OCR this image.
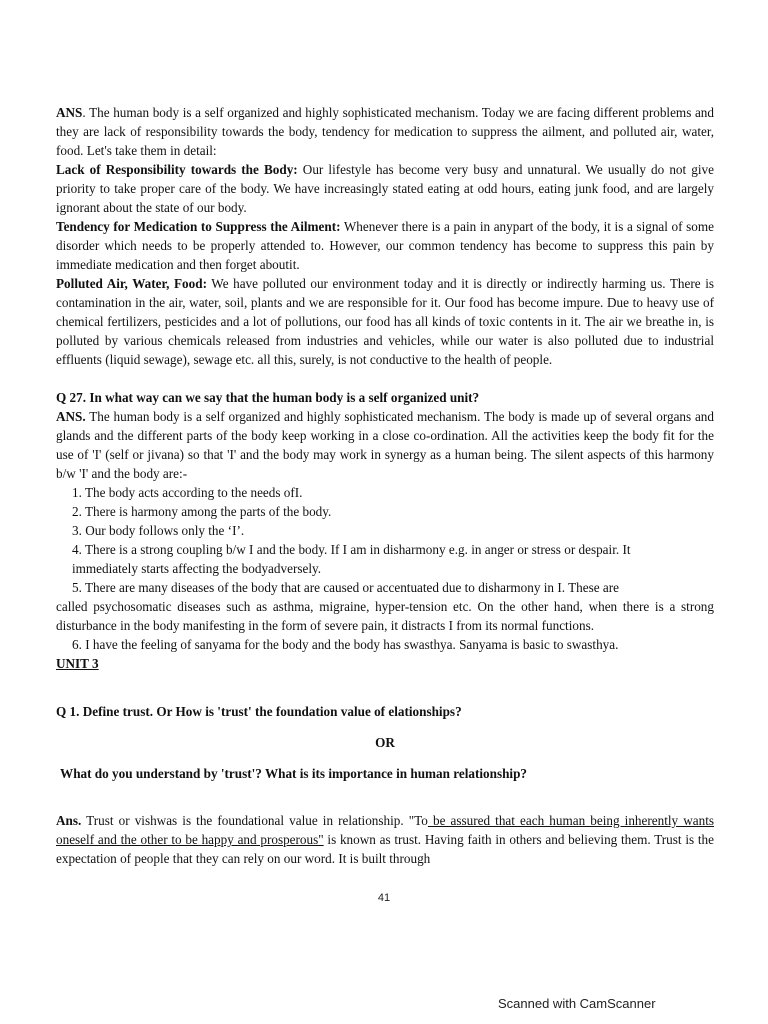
ANS. The human body is a self organized and highly sophisticated mechanism. Today we are facing different problems and they are lack of responsibility towards the body, tendency for medication to suppress the ailment, and polluted air, water, food. Let's take them in detail:

Lack of Responsibility towards the Body: Our lifestyle has become very busy and unnatural. We usually do not give priority to take proper care of the body. We have increasingly stated eating at odd hours, eating junk food, and are largely ignorant about the state of our body.

Tendency for Medication to Suppress the Ailment: Whenever there is a pain in anypart of the body, it is a signal of some disorder which needs to be properly attended to. However, our common tendency has become to suppress this pain by immediate medication and then forget aboutit.

Polluted Air, Water, Food: We have polluted our environment today and it is directly or indirectly harming us. There is contamination in the air, water, soil, plants and we are responsible for it. Our food has become impure. Due to heavy use of chemical fertilizers, pesticides and a lot of pollutions, our food has all kinds of toxic contents in it. The air we breathe in, is polluted by various chemicals released from industries and vehicles, while our water is also polluted due to industrial effluents (liquid sewage), sewage etc. all this, surely, is not conductive to the health of people.

Q 27. In what way can we say that the human body is a self organized unit?

ANS. The human body is a self organized and highly sophisticated mechanism. The body is made up of several organs and glands and the different parts of the body keep working in a close co-ordination. All the activities keep the body fit for the use of 'I' (self or jivana) so that 'I' and the body may work in synergy as a human being. The silent aspects of this harmony b/w 'I' and the body are:-

1. The body acts according to the needs ofI.

2. There is harmony among the parts of the body.

3. Our body follows only the ‘I’.

4. There is a strong coupling b/w I and the body. If I am in disharmony e.g. in anger or stress or despair. It

immediately starts affecting the bodyadversely.

5. There are many diseases of the body that are caused or accentuated due to disharmony in I. These are

called psychosomatic diseases such as asthma, migraine, hyper-tension etc. On the other hand, when there is a strong disturbance in the body manifesting in the form of severe pain, it distracts I from its normal functions.

6. I have the feeling of sanyama for the body and the body has swasthya. Sanyama is basic to swasthya.

UNIT 3

Q 1. Define trust. Or How is 'trust' the foundation value of elationships?

OR

What do you understand by 'trust'? What is its importance in human relationship?

Ans. Trust or vishwas is the foundational value in relationship. "To be assured that each human being inherently wants oneself and the other to be happy and prosperous" is known as trust. Having faith in others and believing them. Trust is the expectation of people that they can rely on our word. It is built through

41
Scanned with CamScanner
